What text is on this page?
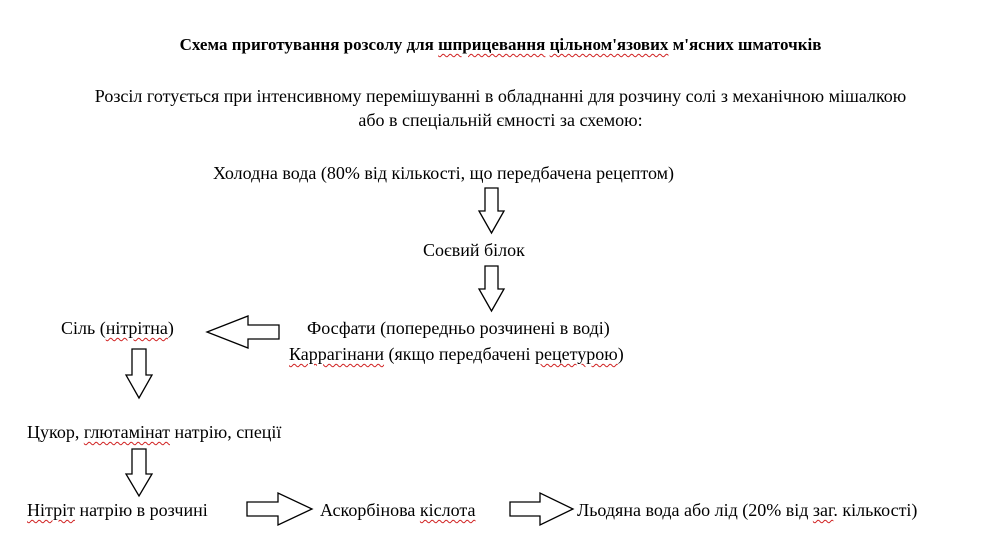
Схема приготування розсолу для шприцевання цільном'язових м'ясних шматочків
Розсіл готується при інтенсивному перемішуванні в обладнанні для розчину солі з механічною мішалкою
або в спеціальній ємності за схемою:
Холодна вода (80% від кількості, що передбачена рецептом)
Соєвий білок
Фосфати (попередньо розчинені в воді)
Каррагінани (якщо передбачені рецетурою)
Сіль (нітрітна)
Цукор, глютамінат натрію, спеції
Нітріт натрію в розчині	Аскорбінова кіслота	Льодяна вода або лід (20% від заг. кількості)
